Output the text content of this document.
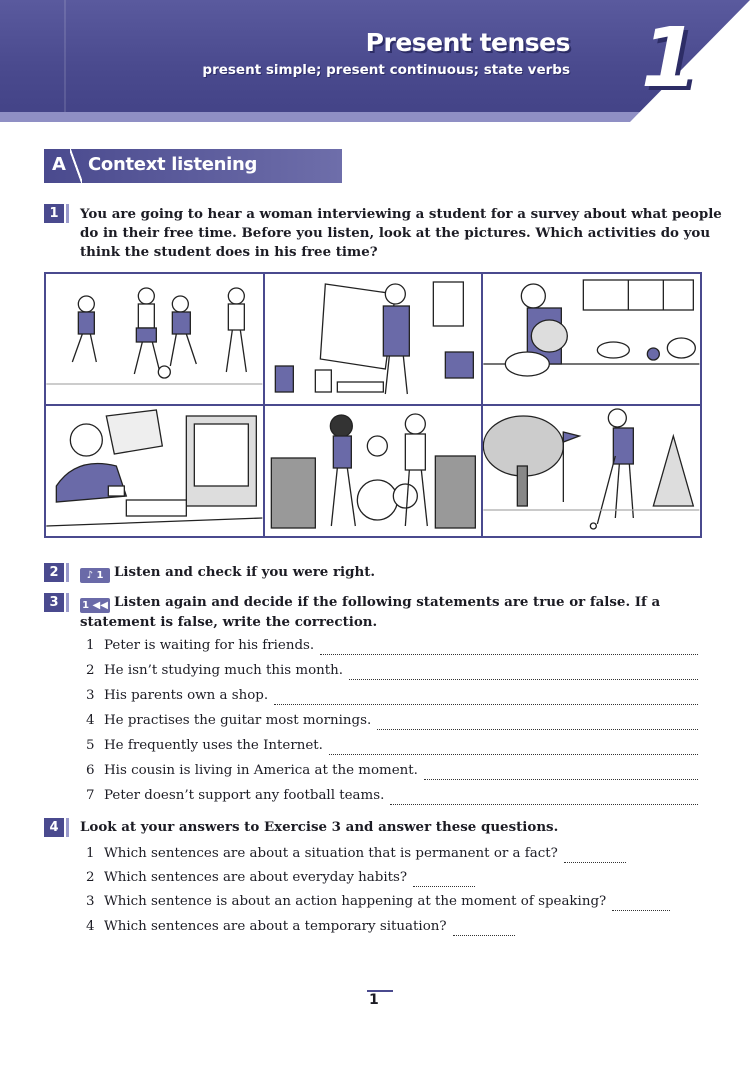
Present tenses
present simple; present continuous; state verbs 1
A Context listening
1	You are going to hear a woman interviewing a student for a survey about what people
do in their free time. Before you listen, look at the pictures. Which activities do you
think the student does in his free time?
2	♪ 1 Listen and check if you were right.
3	1 ◀◀ Listen again and decide if the following statements are true or false. If a
statement is false, write the correction.
1 Peter is waiting for his friends.
2 He isn’t studying much this month.
3 His parents own a shop.
4 He practises the guitar most mornings.
5 He frequently uses the Internet.
6 His cousin is living in America at the moment.
7 Peter doesn’t support any football teams.
4	Look at your answers to Exercise 3 and answer these questions.
1 Which sentences are about a situation that is permanent or a fact?
2 Which sentences are about everyday habits?
3 Which sentence is about an action happening at the moment of speaking?
4 Which sentences are about a temporary situation?
1
